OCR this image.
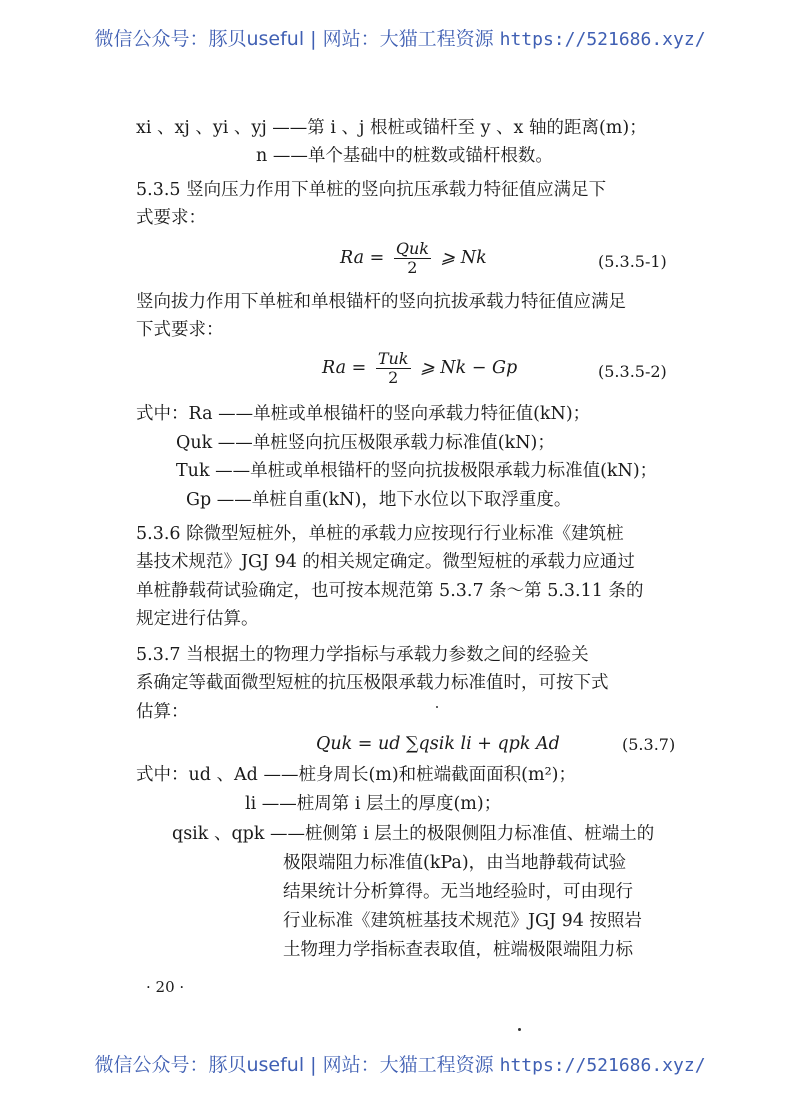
微信公众号：豚贝useful | 网站：大猫工程资源 https://521686.xyz/
xi 、xj 、yi 、yj ——第 i 、j 根桩或锚杆至 y 、x 轴的距离(m)；
n ——单个基础中的桩数或锚杆根数。
5.3.5 竖向压力作用下单桩的竖向抗压承载力特征值应满足下
式要求：
$Ra = \frac{\text{Quk}}{2}$ ⩾ Nk	(5.3.5-1)
竖向拔力作用下单桩和单根锚杆的竖向抗拔承载力特征值应满足
下式要求：
$Ra = \frac{\text{Tuk}}{2}$ ⩾ Nk − Gp	(5.3.5-2)
式中：Ra ——单桩或单根锚杆的竖向承载力特征值(kN)；
Quk ——单桩竖向抗压极限承载力标准值(kN)；
Tuk ——单桩或单根锚杆的竖向抗拔极限承载力标准值(kN)；
Gp ——单桩自重(kN)，地下水位以下取浮重度。
5.3.6 除微型短桩外，单桩的承载力应按现行行业标准《建筑桩
基技术规范》JGJ 94 的相关规定确定。微型短桩的承载力应通过
单桩静载荷试验确定，也可按本规范第 5.3.7 条～第 5.3.11 条的
规定进行估算。
5.3.7 当根据土的物理力学指标与承载力参数之间的经验关
系确定等截面微型短桩的抗压极限承载力标准值时，可按下式
估算：
Quk = ud ∑qsik li + qpk Ad	(5.3.7)
式中：ud 、Ad ——桩身周长(m)和桩端截面面积(m²)；
li ——桩周第 i 层土的厚度(m)；
qsik 、qpk ——桩侧第 i 层土的极限侧阻力标准值、桩端土的
极限端阻力标准值(kPa)，由当地静载荷试验
结果统计分析算得。无当地经验时，可由现行
行业标准《建筑桩基技术规范》JGJ 94 按照岩
土物理力学指标查表取值，桩端极限端阻力标
· 20 ·
微信公众号：豚贝useful | 网站：大猫工程资源 https://521686.xyz/
